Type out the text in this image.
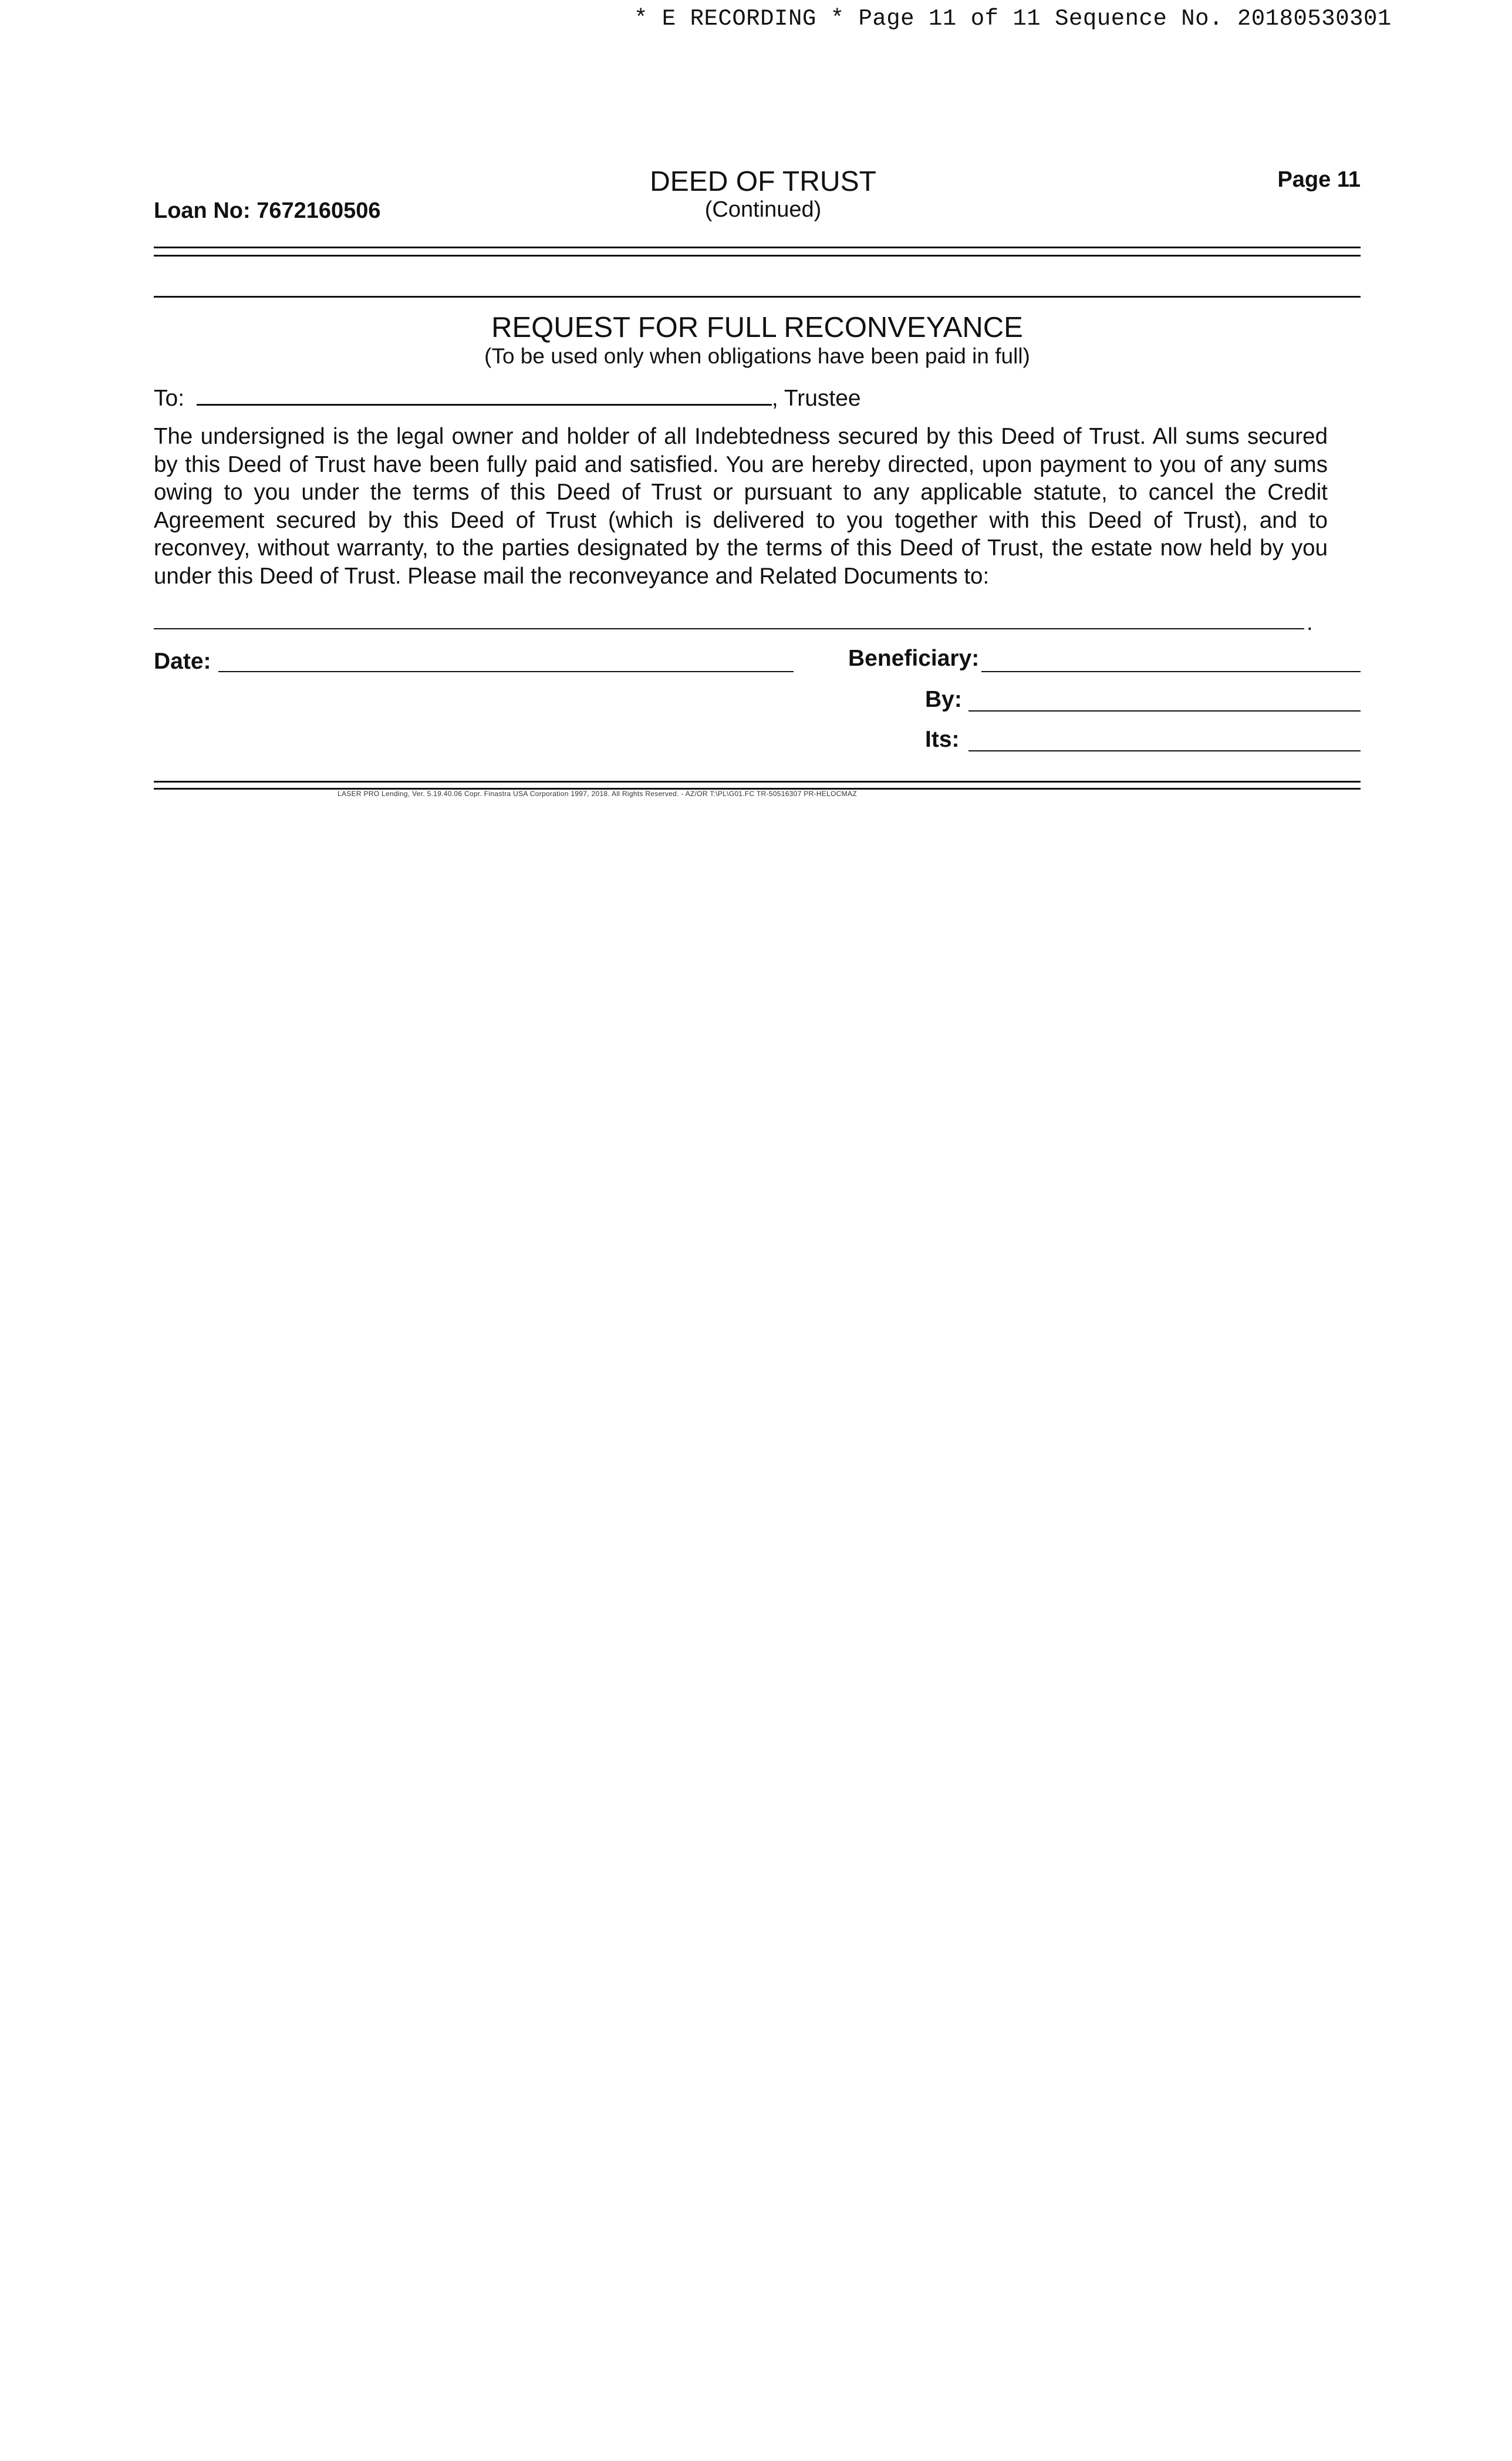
* E RECORDING * Page 11 of 11 Sequence No. 20180530301
Loan No: 7672160506
DEED OF TRUST
(Continued)
Page 11
REQUEST FOR FULL RECONVEYANCE
(To be used only when obligations have been paid in full)
To:	, Trustee
The undersigned is the legal owner and holder of all Indebtedness secured by this Deed of Trust. All sums secured by this Deed of Trust have been fully paid and satisfied. You are hereby directed, upon payment to you of any sums owing to you under the terms of this Deed of Trust or pursuant to any applicable statute, to cancel the Credit Agreement secured by this Deed of Trust (which is delivered to you together with this Deed of Trust), and to reconvey, without warranty, to the parties designated by the terms of this Deed of Trust, the estate now held by you under this Deed of Trust. Please mail the reconveyance and Related Documents to:
.
Date:	Beneficiary:
By:
Its:
LASER PRO Lending, Ver. 5.19.40.06 Copr. Finastra USA Corporation 1997, 2018. All Rights Reserved. - AZ/OR T:\PL\G01.FC TR-50516307 PR-HELOCMAZ
